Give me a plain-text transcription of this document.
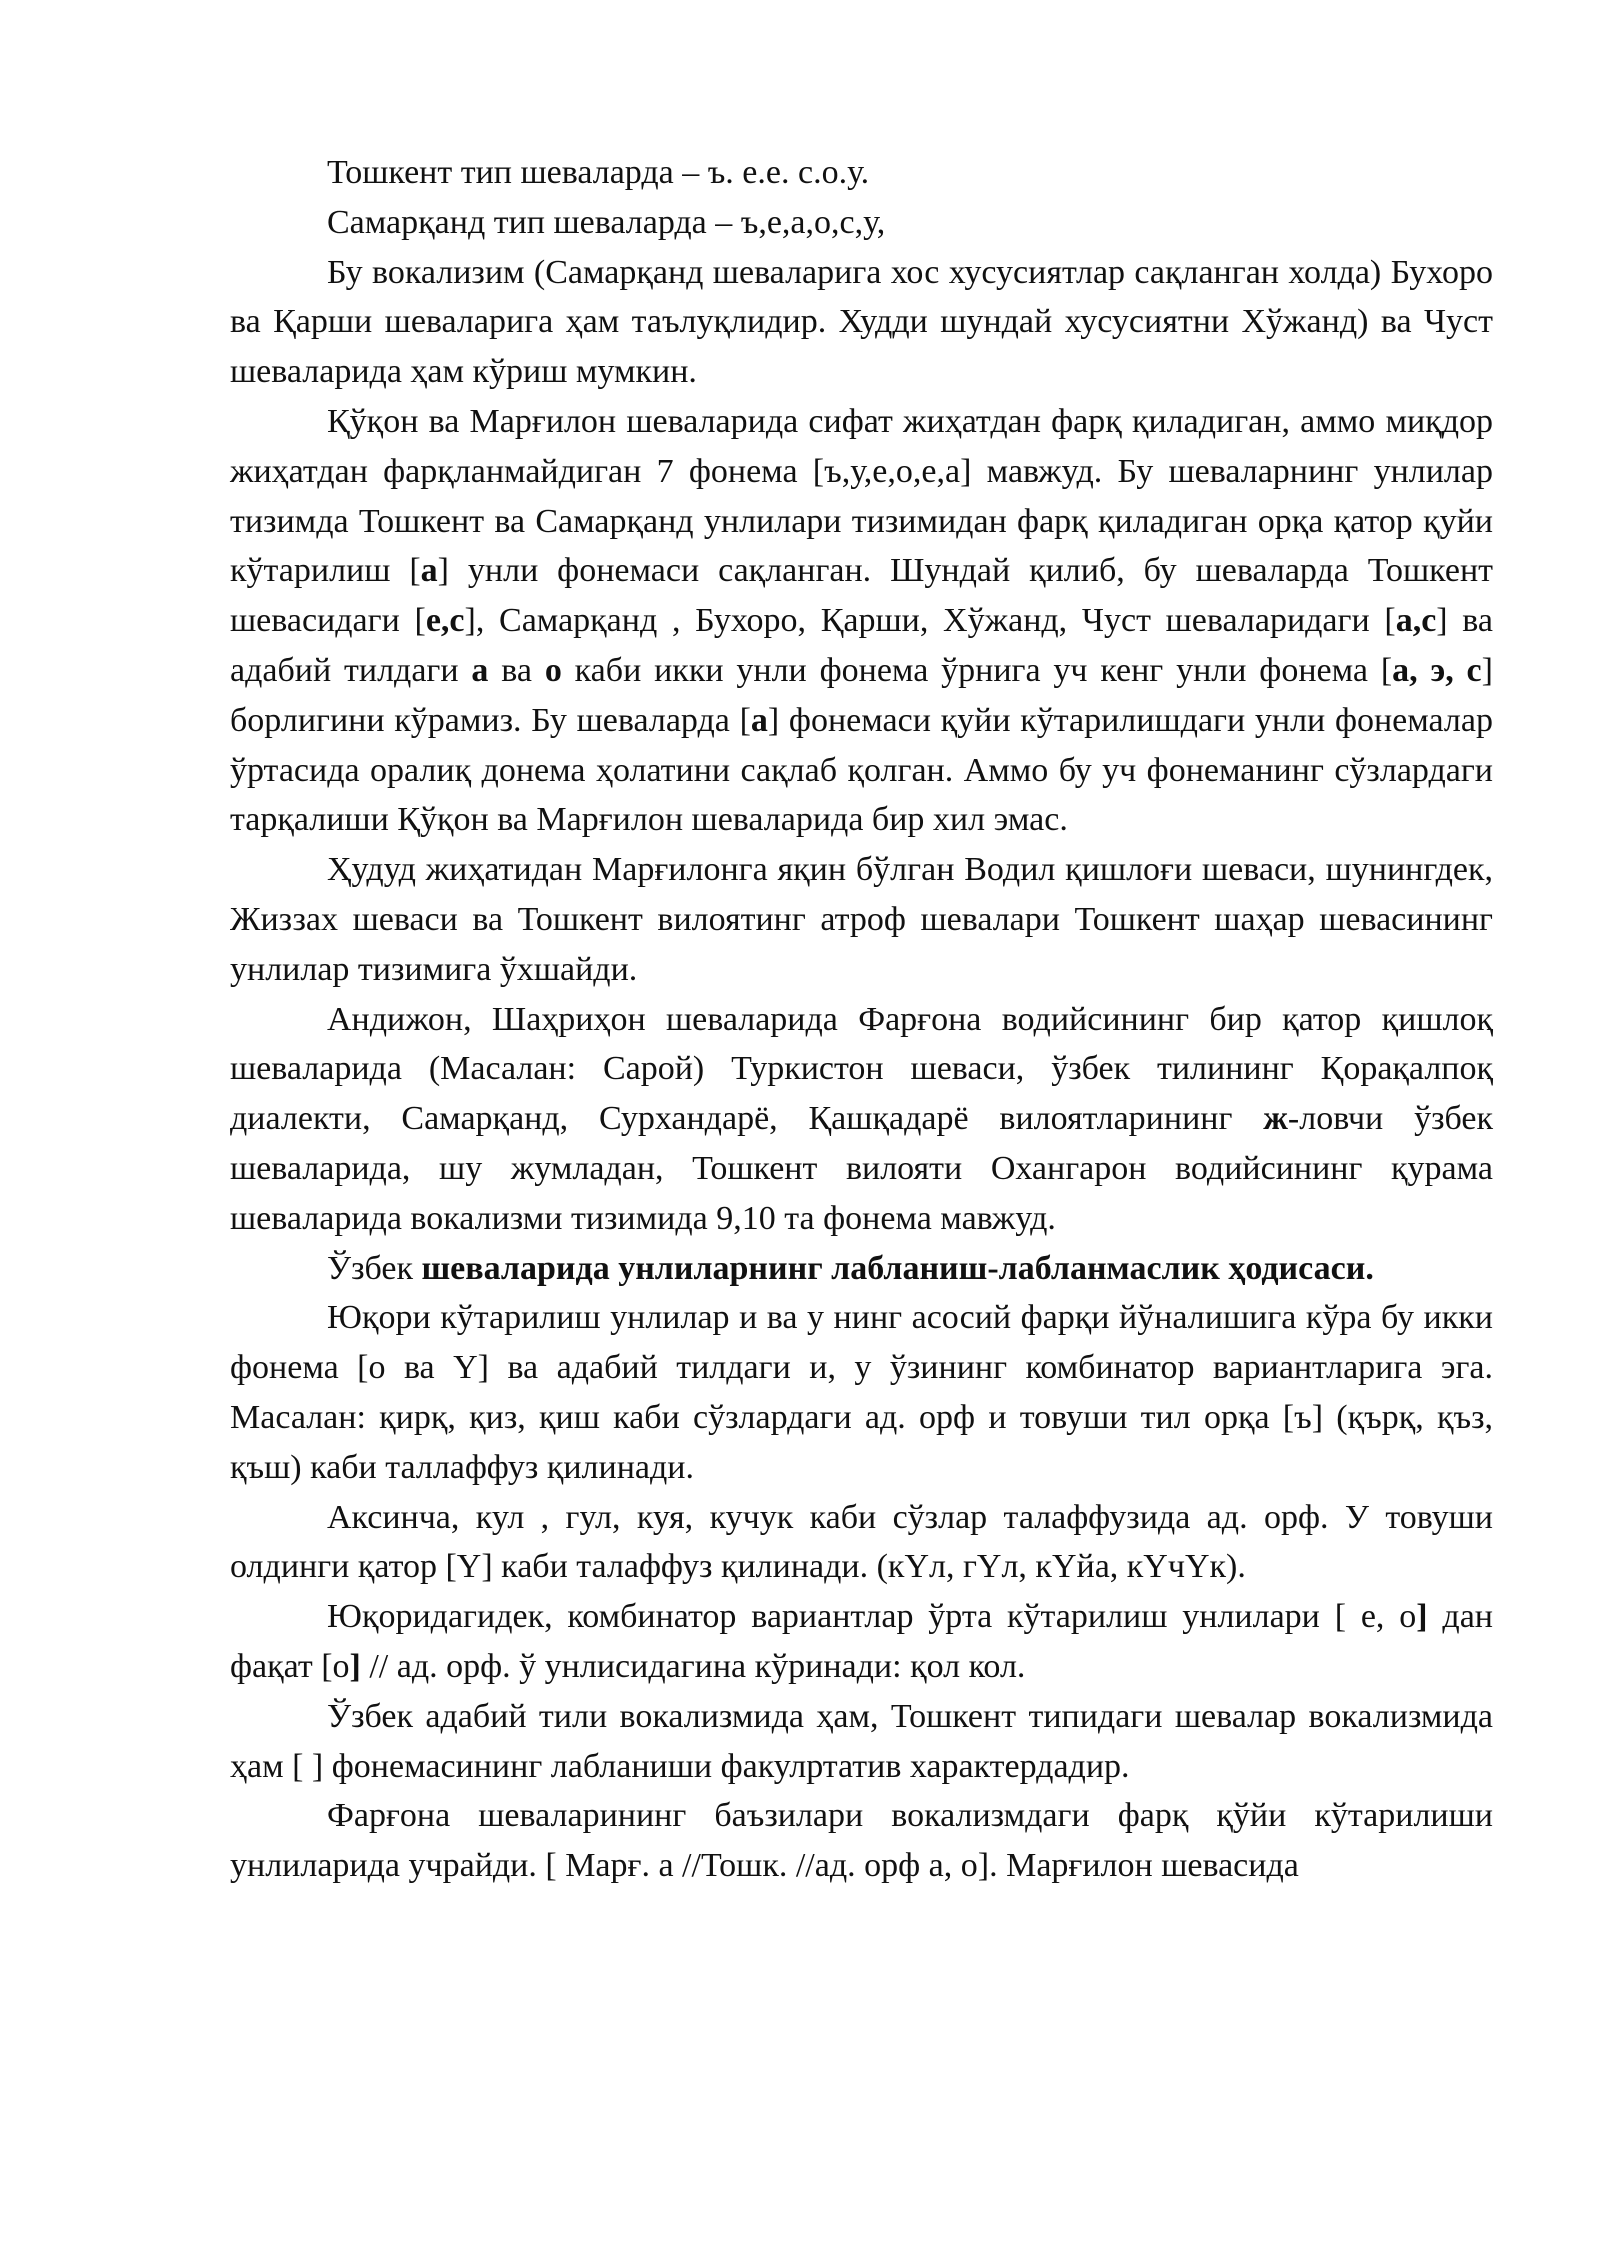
Тошкент тип шеваларда – ъ. е.е. с.о.у.

Самарқанд тип шеваларда – ъ,е,а,о,с,у,

Бу вокализим (Самарқанд шеваларига хос хусусиятлар сақланган холда) Бухоро ва Қарши шеваларига ҳам таълуқлидир. Худди шундай хусусиятни Хўжанд) ва Чуст шеваларида ҳам кўриш мумкин.

Қўқон ва Марғилон шеваларида сифат жиҳатдан фарқ қиладиган, аммо миқдор жиҳатдан фарқланмайдиган 7 фонема [ъ,у,е,о,е,а] мавжуд. Бу шеваларнинг унлилар тизимда Тошкент ва Самарқанд унлилари тизимидан фарқ қиладиган орқа қатор қуйи кўтарилиш [а] унли фонемаси сақланган. Шундай қилиб, бу шеваларда Тошкент шевасидаги [е,с], Самарқанд , Бухоро, Қарши, Хўжанд, Чуст шеваларидаги [а,с] ва адабий тилдаги а ва о каби икки унли фонема ўрнига уч кенг унли фонема [а, э, с] борлигини кўрамиз. Бу шеваларда [а] фонемаси қуйи кўтарилишдаги унли фонемалар ўртасида оралиқ донема ҳолатини сақлаб қолган. Аммо бу уч фонеманинг сўзлардаги тарқалиши Қўқон ва Марғилон шеваларида бир хил эмас.

Ҳудуд жиҳатидан Марғилонга яқин бўлган Водил қишлоғи шеваси, шунингдек, Жиззах шеваси ва Тошкент вилоятинг атроф шевалари Тошкент шаҳар шевасининг унлилар тизимига ўхшайди.

Андижон, Шаҳриҳон шеваларида Фарғона водийсининг бир қатор қишлоқ шеваларида (Масалан: Сарой) Туркистон шеваси, ўзбек тилининг Қорақалпоқ диалекти, Самарқанд, Сурхандарё, Қашқадарё вилоятларининг ж-ловчи ўзбек шеваларида, шу жумладан, Тошкент вилояти Охангарон водийсининг қурама шеваларида вокализми тизимида 9,10 та фонема мавжуд.

Ўзбек шеваларида унлиларнинг лабланиш-лабланмаслик ҳодисаси.

Юқори кўтарилиш унлилар и ва у нинг асосий фарқи йўналишига кўра бу икки фонема [о ва Y] ва адабий тилдаги и, у ўзининг комбинатор вариантларига эга. Масалан: қирқ, қиз, қиш каби сўзлардаги ад. орф и товуши тил орқа [ъ] (қърқ, қъз, қъш) каби таллаффуз қилинади.

Аксинча, кул , гул, куя, кучук каби сўзлар талаффузида ад. орф. У товуши олдинги қатор [Y] каби талаффуз қилинади. (кYл, гYл, кYйа, кYчYк).

Юқоридагидек, комбинатор вариантлар ўрта кўтарилиш унлилари [ е, о] дан фақат [о] // ад. орф. ў унлисидагина кўринади: қол кол.

Ўзбек адабий тили вокализмида ҳам, Тошкент типидаги шевалар вокализмида ҳам [ ] фонемасининг лабланиши факулртатив характердадир.

Фарғона шеваларининг баъзилари вокализмдаги фарқ қўйи кўтарилиши унлиларида учрайди. [ Марғ. а //Тошк. //ад. орф а, о]. Марғилон шевасида
